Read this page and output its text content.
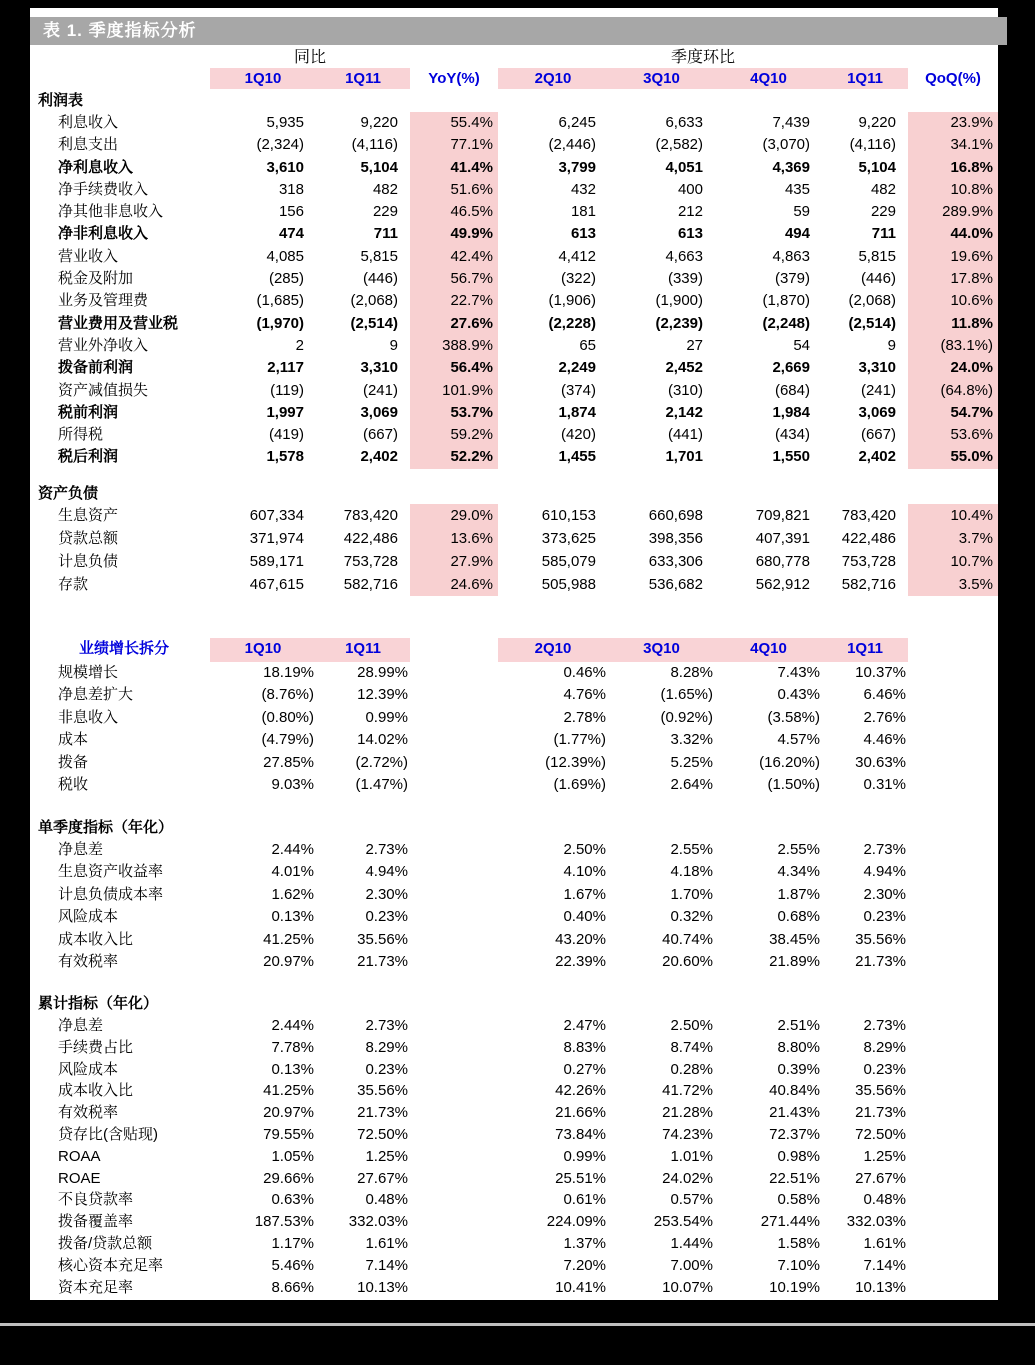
表 1. 季度指标分析
同比	季度环比
1Q10	1Q11	YoY(%)	2Q10	3Q10	4Q10	1Q11	QoQ(%)
利润表
利息收入	5,935	9,220	55.4%	6,245	6,633	7,439	9,220	23.9%
利息支出	(2,324)	(4,116)	77.1%	(2,446)	(2,582)	(3,070)	(4,116)	34.1%
净利息收入	3,610	5,104	41.4%	3,799	4,051	4,369	5,104	16.8%
净手续费收入	318	482	51.6%	432	400	435	482	10.8%
净其他非息收入	156	229	46.5%	181	212	59	229	289.9%
净非利息收入	474	711	49.9%	613	613	494	711	44.0%
营业收入	4,085	5,815	42.4%	4,412	4,663	4,863	5,815	19.6%
税金及附加	(285)	(446)	56.7%	(322)	(339)	(379)	(446)	17.8%
业务及管理费	(1,685)	(2,068)	22.7%	(1,906)	(1,900)	(1,870)	(2,068)	10.6%
营业费用及营业税	(1,970)	(2,514)	27.6%	(2,228)	(2,239)	(2,248)	(2,514)	11.8%
营业外净收入	2	9	388.9%	65	27	54	9	(83.1%)
拨备前利润	2,117	3,310	56.4%	2,249	2,452	2,669	3,310	24.0%
资产减值损失	(119)	(241)	101.9%	(374)	(310)	(684)	(241)	(64.8%)
税前利润	1,997	3,069	53.7%	1,874	2,142	1,984	3,069	54.7%
所得税	(419)	(667)	59.2%	(420)	(441)	(434)	(667)	53.6%
税后利润	1,578	2,402	52.2%	1,455	1,701	1,550	2,402	55.0%
资产负债
生息资产	607,334	783,420	29.0%	610,153	660,698	709,821	783,420	10.4%
贷款总额	371,974	422,486	13.6%	373,625	398,356	407,391	422,486	3.7%
计息负债	589,171	753,728	27.9%	585,079	633,306	680,778	753,728	10.7%
存款	467,615	582,716	24.6%	505,988	536,682	562,912	582,716	3.5%
业绩增长拆分	1Q10	1Q11	2Q10	3Q10	4Q10	1Q11
规模增长	18.19%	28.99%	0.46%	8.28%	7.43%	10.37%
净息差扩大	(8.76%)	12.39%	4.76%	(1.65%)	0.43%	6.46%
非息收入	(0.80%)	0.99%	2.78%	(0.92%)	(3.58%)	2.76%
成本	(4.79%)	14.02%	(1.77%)	3.32%	4.57%	4.46%
拨备	27.85%	(2.72%)	(12.39%)	5.25%	(16.20%)	30.63%
税收	9.03%	(1.47%)	(1.69%)	2.64%	(1.50%)	0.31%
单季度指标（年化）
净息差	2.44%	2.73%	2.50%	2.55%	2.55%	2.73%
生息资产收益率	4.01%	4.94%	4.10%	4.18%	4.34%	4.94%
计息负债成本率	1.62%	2.30%	1.67%	1.70%	1.87%	2.30%
风险成本	0.13%	0.23%	0.40%	0.32%	0.68%	0.23%
成本收入比	41.25%	35.56%	43.20%	40.74%	38.45%	35.56%
有效税率	20.97%	21.73%	22.39%	20.60%	21.89%	21.73%
累计指标（年化）
净息差	2.44%	2.73%	2.47%	2.50%	2.51%	2.73%
手续费占比	7.78%	8.29%	8.83%	8.74%	8.80%	8.29%
风险成本	0.13%	0.23%	0.27%	0.28%	0.39%	0.23%
成本收入比	41.25%	35.56%	42.26%	41.72%	40.84%	35.56%
有效税率	20.97%	21.73%	21.66%	21.28%	21.43%	21.73%
贷存比(含贴现)	79.55%	72.50%	73.84%	74.23%	72.37%	72.50%
ROAA	1.05%	1.25%	0.99%	1.01%	0.98%	1.25%
ROAE	29.66%	27.67%	25.51%	24.02%	22.51%	27.67%
不良贷款率	0.63%	0.48%	0.61%	0.57%	0.58%	0.48%
拨备覆盖率	187.53%	332.03%	224.09%	253.54%	271.44%	332.03%
拨备/贷款总额	1.17%	1.61%	1.37%	1.44%	1.58%	1.61%
核心资本充足率	5.46%	7.14%	7.20%	7.00%	7.10%	7.14%
资本充足率	8.66%	10.13%	10.41%	10.07%	10.19%	10.13%
